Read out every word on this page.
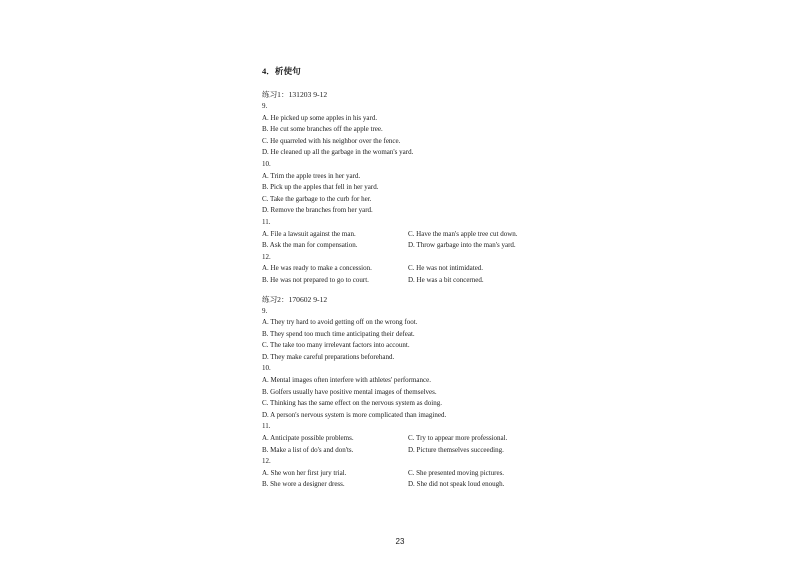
4．析使句
练习1：131203 9-12
9.
A. He picked up some apples in his yard.
B. He cut some branches off the apple tree.
C. He quarreled with his neighbor over the fence.
D. He cleaned up all the garbage in the woman's yard.
10.
A. Trim the apple trees in her yard.
B. Pick up the apples that fell in her yard.
C. Take the garbage to the curb for her.
D. Remove the branches from her yard.
11.
A. File a lawsuit against the man.	C. Have the man's apple tree cut down.
B. Ask the man for compensation.	D. Throw garbage into the man's yard.
12.
A. He was ready to make a concession.	C. He was not intimidated.
B. He was not prepared to go to court.	D. He was a bit concerned.
练习2：170602 9-12
9.
A. They try hard to avoid getting off on the wrong foot.
B. They spend too much time anticipating their defeat.
C. The take too many irrelevant factors into account.
D. They make careful preparations beforehand.
10.
A. Mental images often interfere with athletes' performance.
B. Golfers usually have positive mental images of themselves.
C. Thinking has the same effect on the nervous system as doing.
D. A person's nervous system is more complicated than imagined.
11.
A. Anticipate possible problems.	C. Try to appear more professional.
B. Make a list of do's and don'ts.	D. Picture themselves succeeding.
12.
A. She won her first jury trial.	C. She presented moving pictures.
B. She wore a designer dress.	D. She did not speak loud enough.
23
